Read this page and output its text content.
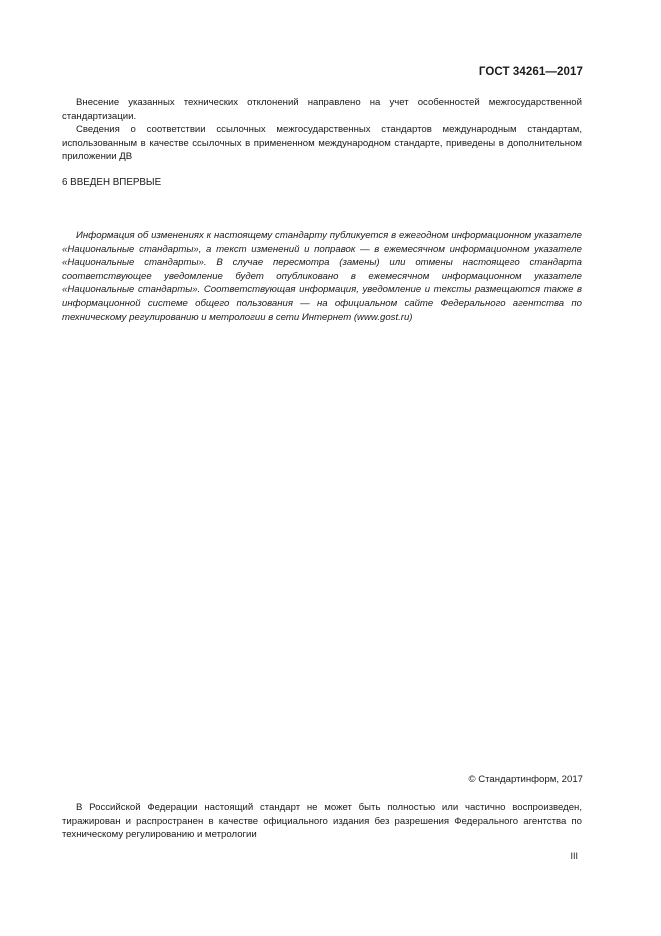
ГОСТ 34261—2017

Внесение указанных технических отклонений направлено на учет особенностей межгосударственной стандартизации.

Сведения о соответствии ссылочных межгосударственных стандартов международным стандартам, использованным в качестве ссылочных в примененном международном стандарте, приведены в дополнительном приложении ДВ

6 ВВЕДЕН ВПЕРВЫЕ

Информация об изменениях к настоящему стандарту публикуется в ежегодном информационном указателе «Национальные стандарты», а текст изменений и поправок — в ежемесячном информационном указателе «Национальные стандарты». В случае пересмотра (замены) или отмены настоящего стандарта соответствующее уведомление будет опубликовано в ежемесячном информационном указателе «Национальные стандарты». Соответствующая информация, уведомление и тексты размещаются также в информационной системе общего пользования — на официальном сайте Федерального агентства по техническому регулированию и метрологии в сети Интернет (www.gost.ru)

© Стандартинформ, 2017

В Российской Федерации настоящий стандарт не может быть полностью или частично воспроизведен, тиражирован и распространен в качестве официального издания без разрешения Федерального агентства по техническому регулированию и метрологии

III
